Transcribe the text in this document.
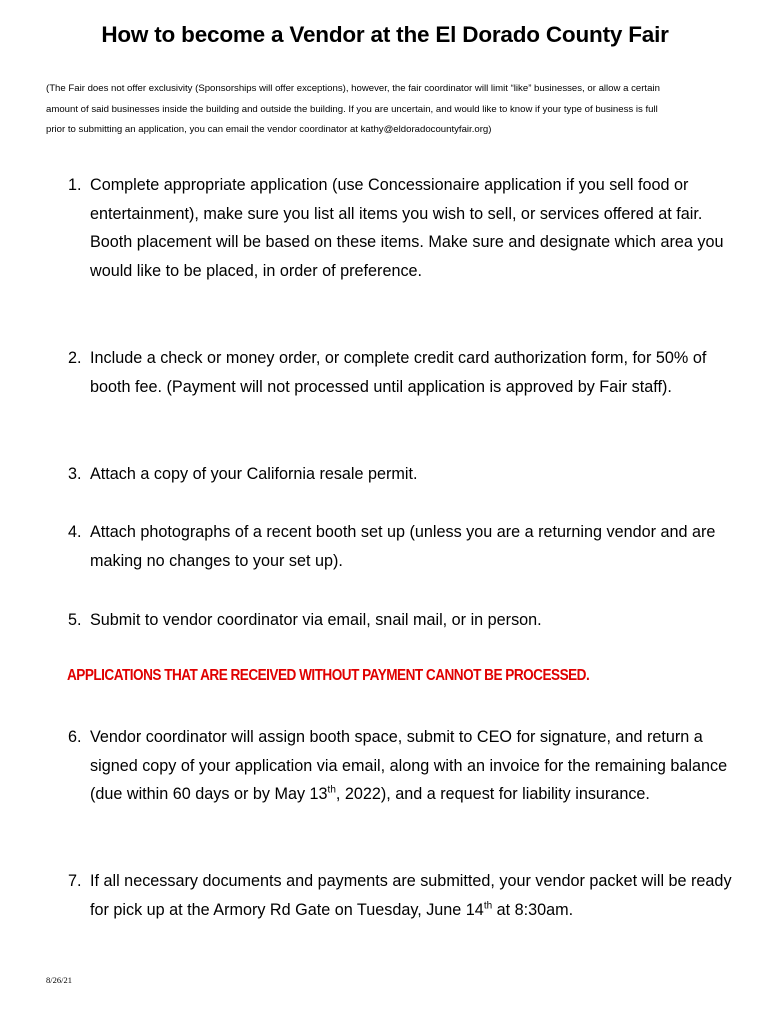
How to become a Vendor at the El Dorado County Fair
(The Fair does not offer exclusivity (Sponsorships will offer exceptions), however, the fair coordinator will limit “like” businesses, or allow a certain amount of said businesses inside the building and outside the building. If you are uncertain, and would like to know if your type of business is full prior to submitting an application, you can email the vendor coordinator at kathy@eldoradocountyfair.org)
1. Complete appropriate application (use Concessionaire application if you sell food or entertainment), make sure you list all items you wish to sell, or services offered at fair. Booth placement will be based on these items. Make sure and designate which area you would like to be placed, in order of preference.
2. Include a check or money order, or complete credit card authorization form, for 50% of booth fee. (Payment will not processed until application is approved by Fair staff).
3. Attach a copy of your California resale permit.
4. Attach photographs of a recent booth set up (unless you are a returning vendor and are making no changes to your set up).
5. Submit to vendor coordinator via email, snail mail, or in person.
APPLICATIONS THAT ARE RECEIVED WITHOUT PAYMENT CANNOT BE PROCESSED.
6. Vendor coordinator will assign booth space, submit to CEO for signature, and return a signed copy of your application via email, along with an invoice for the remaining balance (due within 60 days or by May 13th, 2022), and a request for liability insurance.
7. If all necessary documents and payments are submitted, your vendor packet will be ready for pick up at the Armory Rd Gate on Tuesday, June 14th at 8:30am.
8/26/21
